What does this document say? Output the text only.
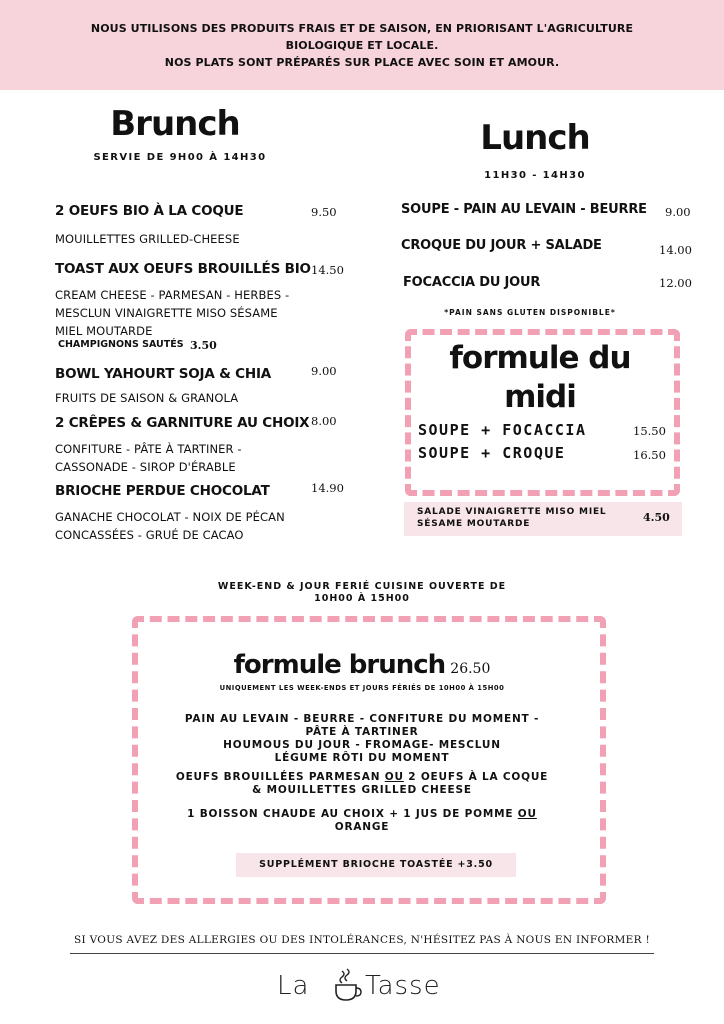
NOUS UTILISONS DES PRODUITS FRAIS ET DE SAISON, EN PRIORISANT L'AGRICULTURE
BIOLOGIQUE ET LOCALE.
NOS PLATS SONT PRÉPARÉS SUR PLACE AVEC SOIN ET AMOUR.
Brunch
SERVIE DE 9H00 À 14H30
2 OEUFS BIO À LA COQUE	9.50
MOUILLETTES GRILLED-CHEESE
TOAST AUX OEUFS BROUILLÉS BIO 14.50
CREAM CHEESE - PARMESAN - HERBES -
MESCLUN VINAIGRETTE MISO SÉSAME
MIEL MOUTARDE
CHAMPIGNONS SAUTÉS 3.50
BOWL YAHOURT SOJA & CHIA	9.00
FRUITS DE SAISON & GRANOLA
2 CRÊPES & GARNITURE AU CHOIX 8.00
CONFITURE - PÂTE À TARTINER -
CASSONADE - SIROP D'ÉRABLE
BRIOCHE PERDUE CHOCOLAT	14.90
GANACHE CHOCOLAT - NOIX DE PÉCAN
CONCASSÉES - GRUÉ DE CACAO
Lunch
11H30 - 14H30
SOUPE - PAIN AU LEVAIN - BEURRE 9.00
CROQUE DU JOUR + SALADE	14.00
FOCACCIA DU JOUR	12.00
*PAIN SANS GLUTEN DISPONIBLE*
formule du
midi
SOUPE + FOCACCIA	15.50
SOUPE + CROQUE	16.50
SALADE VINAIGRETTE MISO MIEL
SÉSAME MOUTARDE	4.50
WEEK-END & JOUR FERIÉ CUISINE OUVERTE DE
10H00 À 15H00
formule brunch 26.50
UNIQUEMENT LES WEEK-ENDS ET JOURS FÉRIÉS DE 10H00 À 15H00
PAIN AU LEVAIN - BEURRE - CONFITURE DU MOMENT -
PÂTE À TARTINER
HOUMOUS DU JOUR - FROMAGE- MESCLUN
LÉGUME RÔTI DU MOMENT
OEUFS BROUILLÉES PARMESAN OU 2 OEUFS À LA COQUE
& MOUILLETTES GRILLED CHEESE
1 BOISSON CHAUDE AU CHOIX + 1 JUS DE POMME OU
ORANGE
SUPPLÉMENT BRIOCHE TOASTÉE +3.50
SI VOUS AVEZ DES ALLERGIES OU DES INTOLÉRANCES, N'HÉSITEZ PAS À NOUS EN INFORMER !
La Tasse
